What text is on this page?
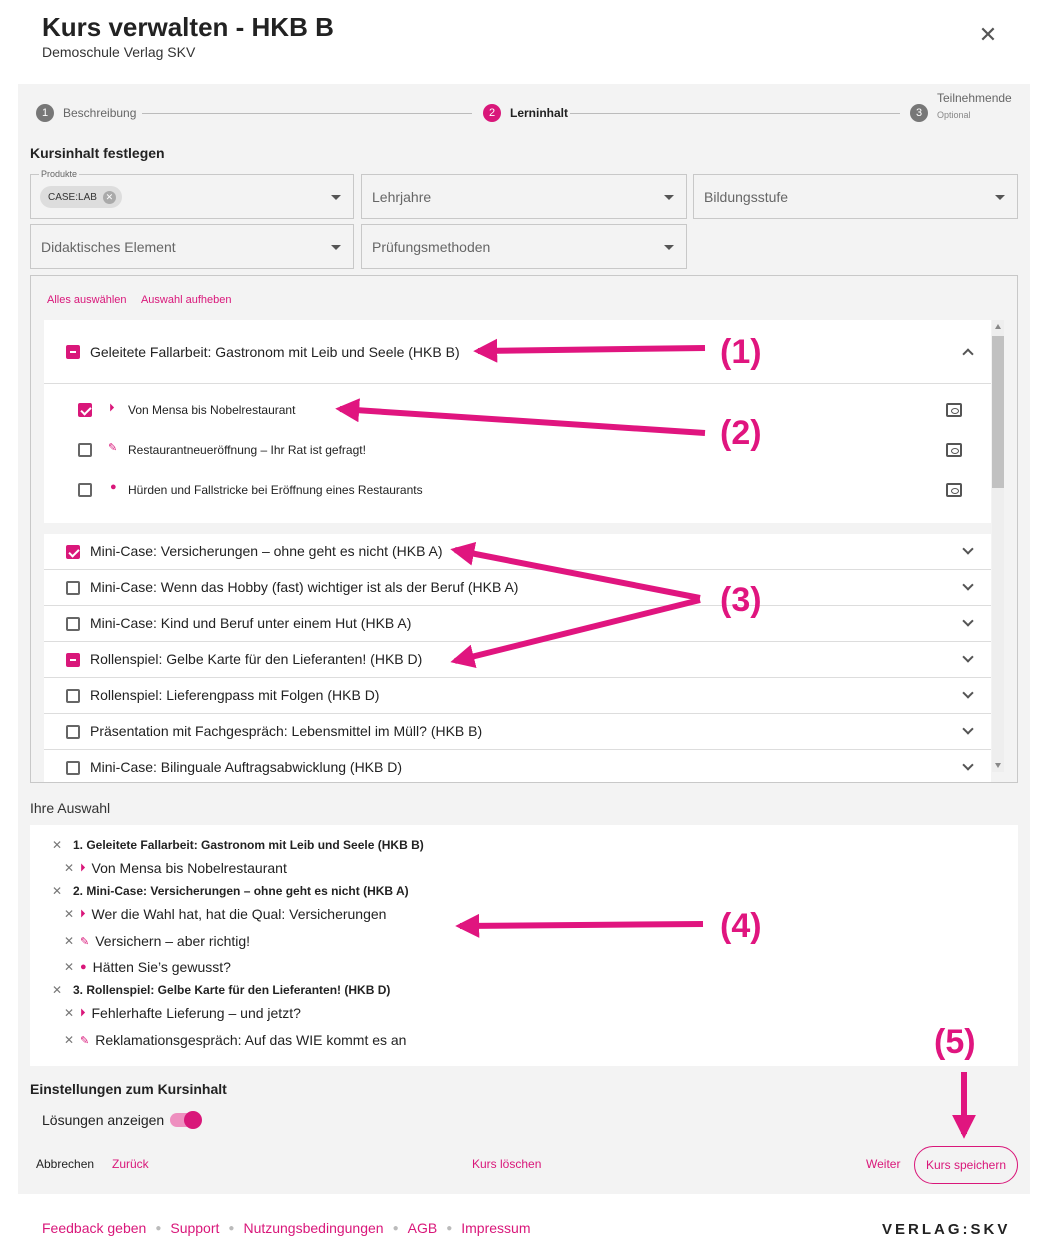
Kurs verwalten - HKB B
Demoschule Verlag SKV
✕
1	Beschreibung	2	Lerninhalt	3
Teilnehmende
Optional
Kursinhalt festlegen
Produkte
CASE:LAB ✕	Lehrjahre	Bildungsstufe
Didaktisches Element	Prüfungsmethoden
Alles auswählen Auswahl aufheben
Geleitete Fallarbeit: Gastronom mit Leib und Seele (HKB B)
⏵ Von Mensa bis Nobelrestaurant
✎ Restaurantneueröffnung – Ihr Rat ist gefragt!
● Hürden und Fallstricke bei Eröffnung eines Restaurants
Mini-Case: Versicherungen – ohne geht es nicht (HKB A)
Mini-Case: Wenn das Hobby (fast) wichtiger ist als der Beruf (HKB A)
Mini-Case: Kind und Beruf unter einem Hut (HKB A)
Rollenspiel: Gelbe Karte für den Lieferanten! (HKB D)
Rollenspiel: Lieferengpass mit Folgen (HKB D)
Präsentation mit Fachgespräch: Lebensmittel im Müll? (HKB B)
Mini-Case: Bilinguale Auftragsabwicklung (HKB D)
Ihre Auswahl
✕ 1. Geleitete Fallarbeit: Gastronom mit Leib und Seele (HKB B)
✕ ⏵ Von Mensa bis Nobelrestaurant
✕ 2. Mini-Case: Versicherungen – ohne geht es nicht (HKB A)
✕ ⏵ Wer die Wahl hat, hat die Qual: Versicherungen
✕ ✎ Versichern – aber richtig!
✕ ● Hätten Sie’s gewusst?
✕ 3. Rollenspiel: Gelbe Karte für den Lieferanten! (HKB D)
✕ ⏵ Fehlerhafte Lieferung – und jetzt?
✕ ✎ Reklamationsgespräch: Auf das WIE kommt es an
Einstellungen zum Kursinhalt
Lösungen anzeigen
Abbrechen Zurück	Kurs löschen	Weiter	Kurs speichern
(1)
(2)
(3)
(4)
(5)
Feedback geben ● Support ● Nutzungsbedingungen ● AGB ● Impressum	VERLAG:SKV
